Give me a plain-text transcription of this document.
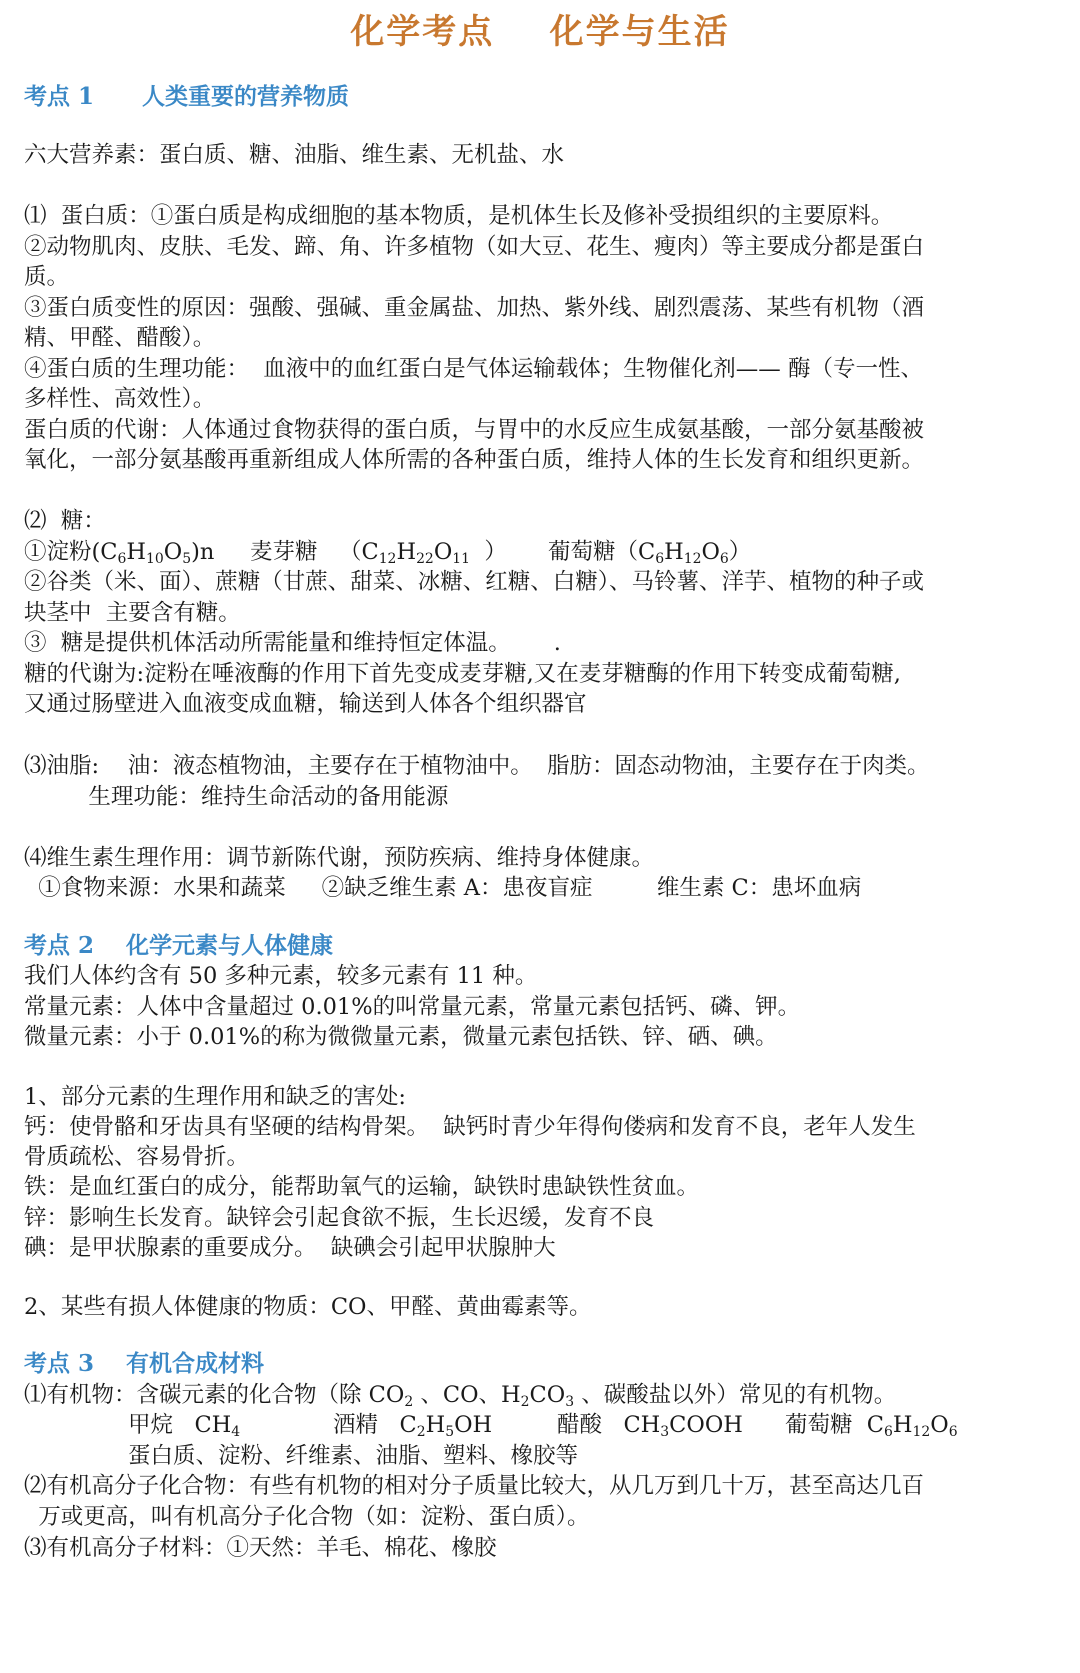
化学考点    化学与生活
考点 1      人类重要的营养物质
六大营养素：蛋白质、糖、油脂、维生素、无机盐、水
⑴  蛋白质：①蛋白质是构成细胞的基本物质，是机体生长及修补受损组织的主要原料。
②动物肌肉、皮肤、毛发、蹄、角、许多植物（如大豆、花生、瘦肉）等主要成分都是蛋白
质。
③蛋白质变性的原因：强酸、强碱、重金属盐、加热、紫外线、剧烈震荡、某些有机物（酒
精、甲醛、醋酸）。
④蛋白质的生理功能：  血液中的血红蛋白是气体运输载体；生物催化剂—— 酶（专一性、
多样性、高效性）。
蛋白质的代谢：人体通过食物获得的蛋白质，与胃中的水反应生成氨基酸，一部分氨基酸被
氧化，一部分氨基酸再重新组成人体所需的各种蛋白质，维持人体的生长发育和组织更新。
⑵  糖：
①淀粉$(C_6H_{10}O_5)n$ 麦芽糖   （$C_{12}H_{22}O_{11}$  ） 葡萄糖$(C_6H_{12}O_6)$
②谷类（米、面）、蔗糖（甘蔗、甜菜、冰糖、红糖、白糖）、马铃薯、洋芋、植物的种子或
块茎中  主要含有糖。
③  糖是提供机体活动所需能量和维持恒定体温。      .
糖的代谢为:淀粉在唾液酶的作用下首先变成麦芽糖,又在麦芽糖酶的作用下转变成葡萄糖,
又通过肠壁进入血液变成血糖，输送到人体各个组织器官
⑶油脂:    油：液态植物油，主要存在于植物油中。  脂肪：固态动物油，主要存在于肉类。
生理功能：维持生命活动的备用能源
⑷维生素生理作用：调节新陈代谢，预防疾病、维持身体健康。
①食物来源：水果和蔬菜     ②缺乏维生素 A：患夜盲症         维生素 C：患坏血病
考点 2    化学元素与人体健康
我们人体约含有 50 多种元素，较多元素有 11 种。
常量元素：人体中含量超过 0.01%的叫常量元素，常量元素包括钙、磷、钾。
微量元素：小于 0.01%的称为微微量元素，微量元素包括铁、锌、硒、碘。
1、部分元素的生理作用和缺乏的害处:
钙：使骨骼和牙齿具有坚硬的结构骨架。  缺钙时青少年得佝偻病和发育不良，老年人发生
骨质疏松、容易骨折。
铁：是血红蛋白的成分，能帮助氧气的运输，缺铁时患缺铁性贫血。
锌：影响生长发育。缺锌会引起食欲不振，生长迟缓，发育不良
碘：是甲状腺素的重要成分。  缺碘会引起甲状腺肿大
2、某些有损人体健康的物质：CO、甲醛、黄曲霉素等。
考点 3    有机合成材料
⑴有机物：含碳元素的化合物（除 $CO_2$ 、CO、$H_2CO_3$ 、碳酸盐以外）常见的有机物。
甲烷   $CH_4$	酒精   $C_2H_5OH$	醋酸   $CH_3COOH$ 葡萄糖  $C_6H_{12}O_6$
蛋白质、淀粉、纤维素、油脂、塑料、橡胶等
⑵有机高分子化合物：有些有机物的相对分子质量比较大，从几万到几十万，甚至高达几百
万或更高，叫有机高分子化合物（如：淀粉、蛋白质）。
⑶有机高分子材料：①天然：羊毛、棉花、橡胶
